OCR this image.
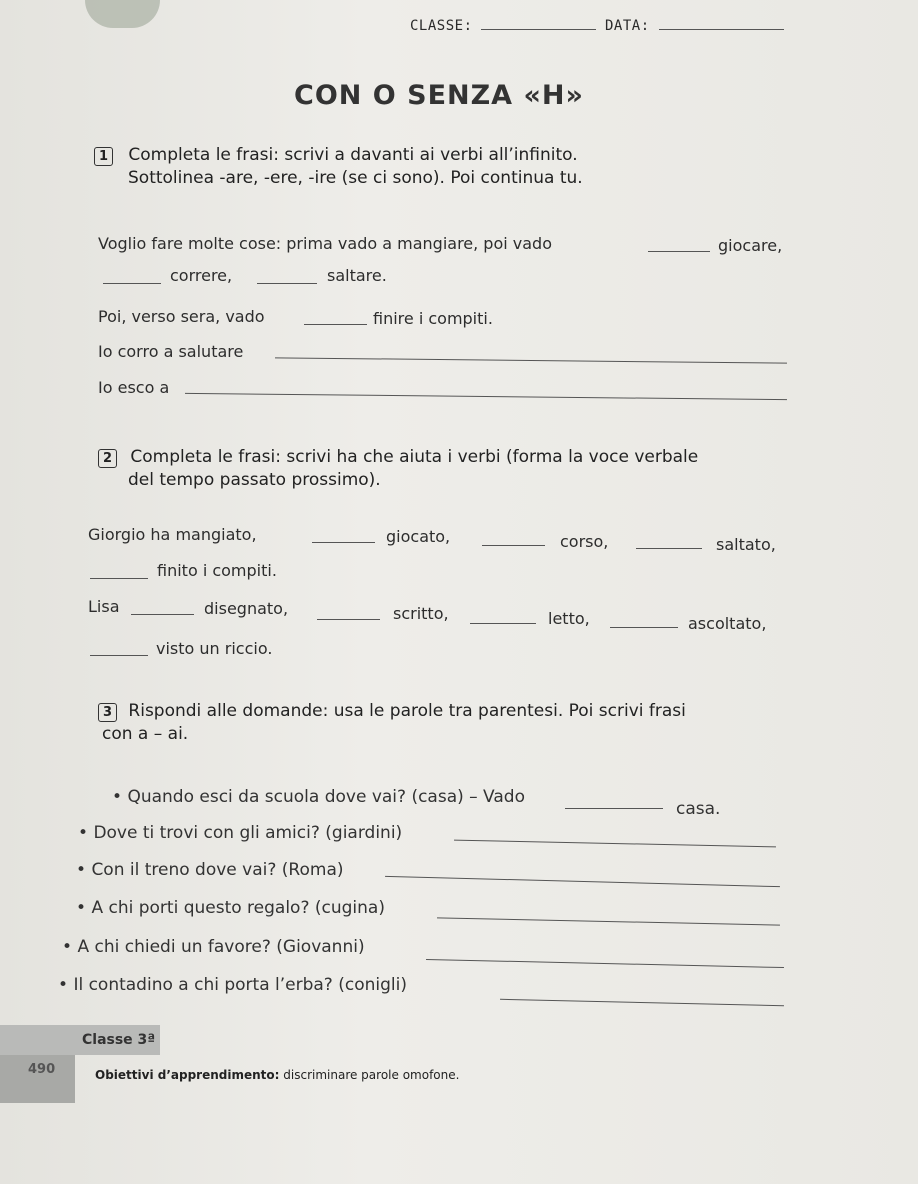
CLASSE:	DATA:
CON O SENZA «H»
1 Completa le frasi: scrivi a davanti ai verbi all’infinito.
Sottolinea -are, -ere, -ire (se ci sono). Poi continua tu.
Voglio fare molte cose: prima vado a mangiare, poi vado	giocare,
correre,	saltare.
Poi, verso sera, vado	finire i compiti.
Io corro a salutare
Io esco a
2 Completa le frasi: scrivi ha che aiuta i verbi (forma la voce verbale
del tempo passato prossimo).
Giorgio ha mangiato,	giocato,	corso,	saltato,
finito i compiti.
Lisa	disegnato,	scritto,	letto,	ascoltato,
visto un riccio.
3 Rispondi alle domande: usa le parole tra parentesi. Poi scrivi frasi
con a – ai.
• Quando esci da scuola dove vai? (casa) – Vado
casa.
• Dove ti trovi con gli amici? (giardini)
• Con il treno dove vai? (Roma)
• A chi porti questo regalo? (cugina)
• A chi chiedi un favore? (Giovanni)
• Il contadino a chi porta l’erba? (conigli)
Classe 3ª
490	Obiettivi d’apprendimento: discriminare parole omofone.
